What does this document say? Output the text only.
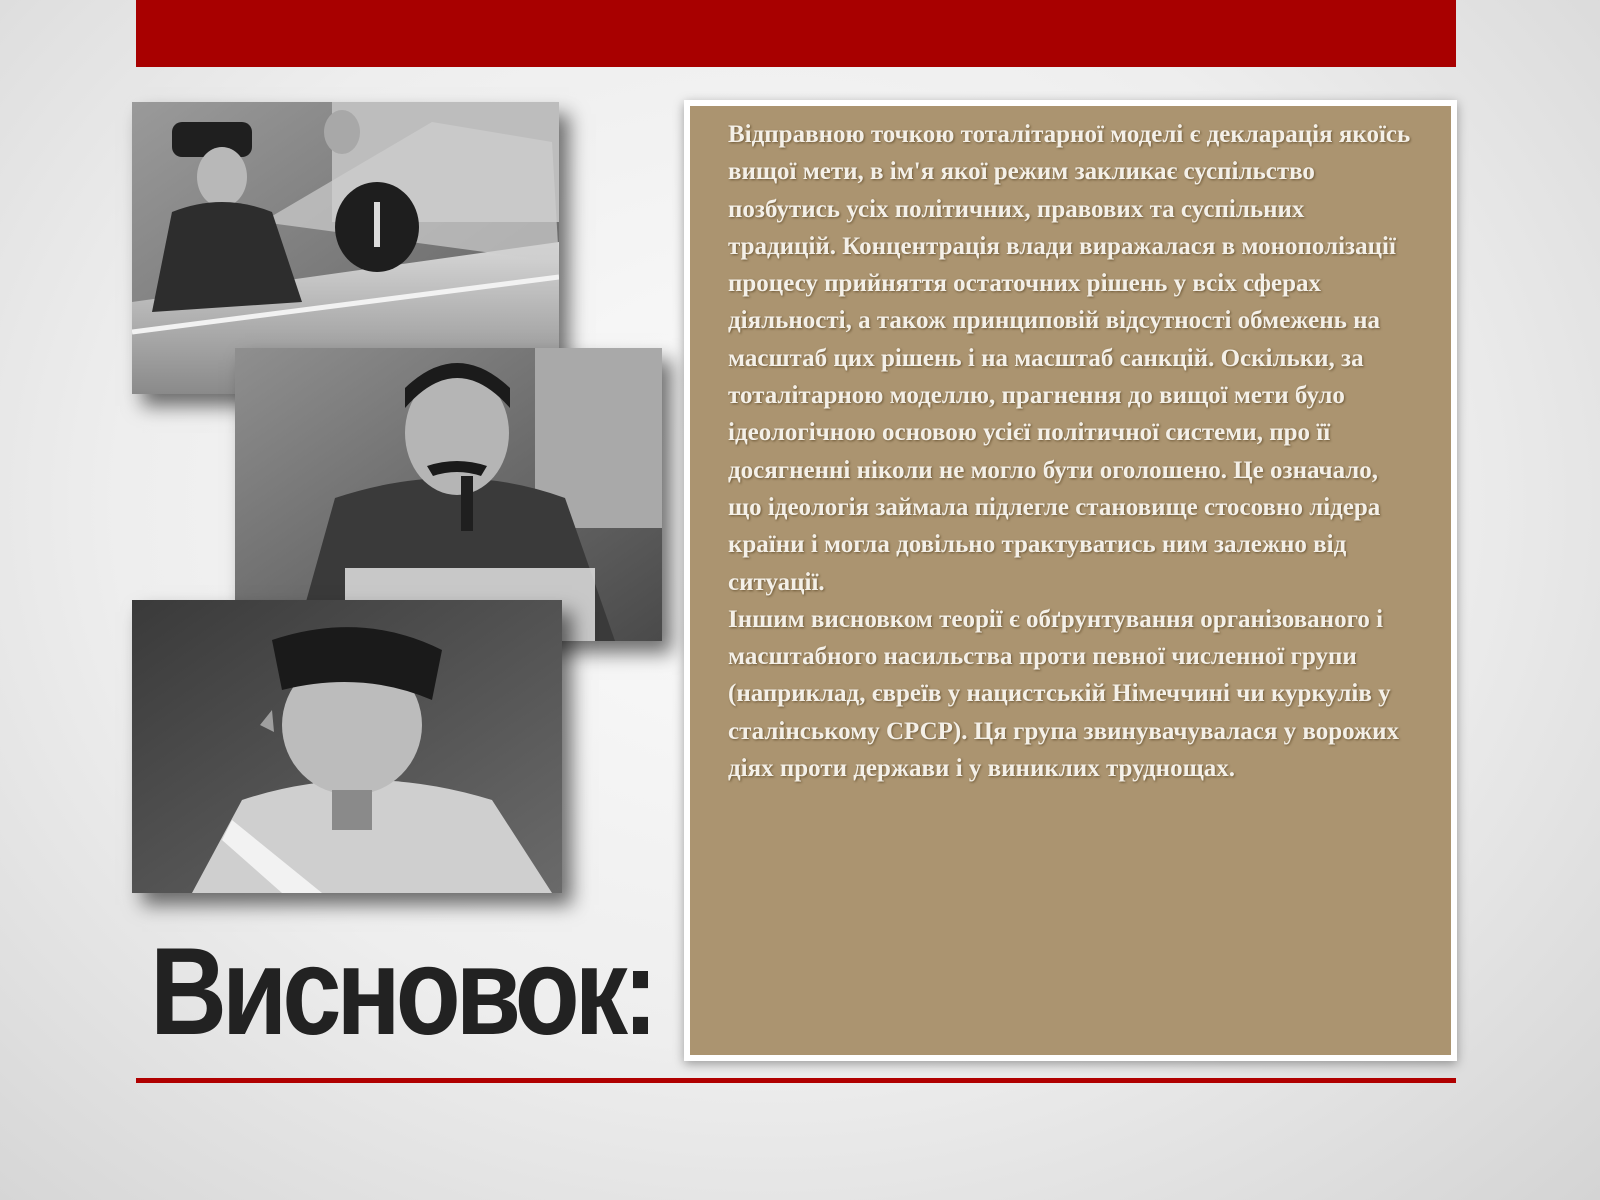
Висновок:

Відправною точкою тоталітарної моделі є декларація якоїсь вищої мети, в ім'я якої режим закликає суспільство позбутись усіх політичних, правових та суспільних традицій. Концентрація влади виражалася в монополізації процесу прийняття остаточних рішень у всіх сферах діяльності, а також принциповій відсутності обмежень на масштаб цих рішень і на масштаб санкцій. Оскільки, за тоталітарною моделлю, прагнення до вищої мети було ідеологічною основою усієї політичної системи, про її досягненні ніколи не могло бути оголошено. Це означало, що ідеологія займала підлегле становище стосовно лідера країни і могла довільно трактуватись ним залежно від ситуації.

Іншим висновком теорії є обґрунтування організованого і масштабного насильства проти певної численної групи (наприклад, євреїв у нацистській Німеччині чи куркулів у сталінському СРСР). Ця група звинувачувалася у ворожих діях проти держави і у виниклих труднощах.
